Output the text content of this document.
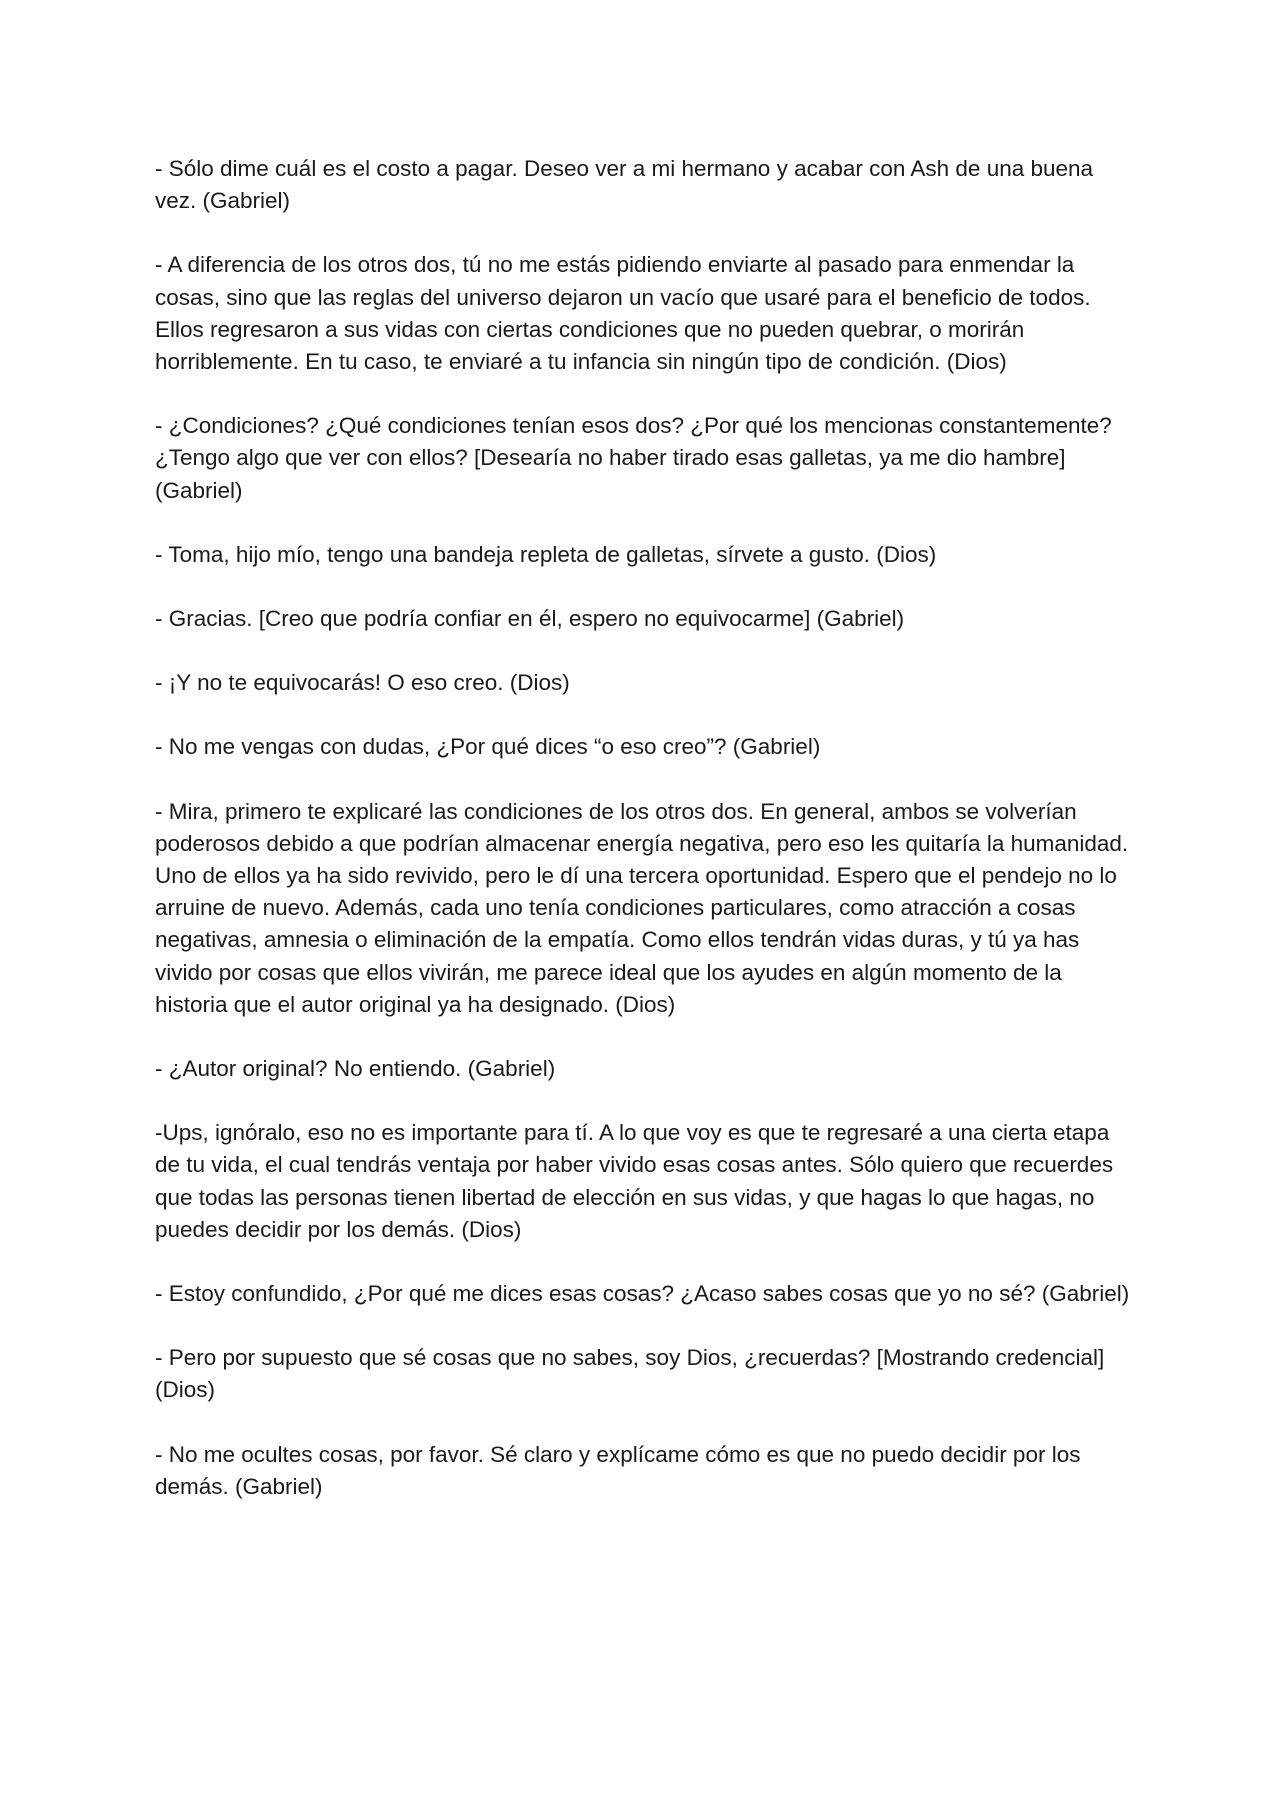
- Sólo dime cuál es el costo a pagar. Deseo ver a mi hermano y acabar con Ash de una buena vez. (Gabriel)

- A diferencia de los otros dos, tú no me estás pidiendo enviarte al pasado para enmendar la cosas, sino que las reglas del universo dejaron un vacío que usaré para el beneficio de todos. Ellos regresaron a sus vidas con ciertas condiciones que no pueden quebrar, o morirán horriblemente. En tu caso, te enviaré a tu infancia sin ningún tipo de condición. (Dios)

- ¿Condiciones? ¿Qué condiciones tenían esos dos? ¿Por qué los mencionas constantemente? ¿Tengo algo que ver con ellos? [Desearía no haber tirado esas galletas, ya me dio hambre] (Gabriel)

- Toma, hijo mío, tengo una bandeja repleta de galletas, sírvete a gusto. (Dios)

- Gracias. [Creo que podría confiar en él, espero no equivocarme] (Gabriel)

- ¡Y no te equivocarás! O eso creo. (Dios)

- No me vengas con dudas, ¿Por qué dices “o eso creo”? (Gabriel)

- Mira, primero te explicaré las condiciones de los otros dos. En general, ambos se volverían poderosos debido a que podrían almacenar energía negativa, pero eso les quitaría la humanidad. Uno de ellos ya ha sido revivido, pero le dí una tercera oportunidad. Espero que el pendejo no lo arruine de nuevo. Además, cada uno tenía condiciones particulares, como atracción a cosas negativas, amnesia o eliminación de la empatía. Como ellos tendrán vidas duras, y tú ya has vivido por cosas que ellos vivirán, me parece ideal que los ayudes en algún momento de la historia que el autor original ya ha designado. (Dios)

- ¿Autor original? No entiendo. (Gabriel)

-Ups, ignóralo, eso no es importante para tí. A lo que voy es que te regresaré a una cierta etapa de tu vida, el cual tendrás ventaja por haber vivido esas cosas antes. Sólo quiero que recuerdes que todas las personas tienen libertad de elección en sus vidas, y que hagas lo que hagas, no puedes decidir por los demás. (Dios)

- Estoy confundido, ¿Por qué me dices esas cosas? ¿Acaso sabes cosas que yo no sé? (Gabriel)

- Pero por supuesto que sé cosas que no sabes, soy Dios, ¿recuerdas? [Mostrando credencial] (Dios)

- No me ocultes cosas, por favor. Sé claro y explícame cómo es que no puedo decidir por los demás. (Gabriel)
